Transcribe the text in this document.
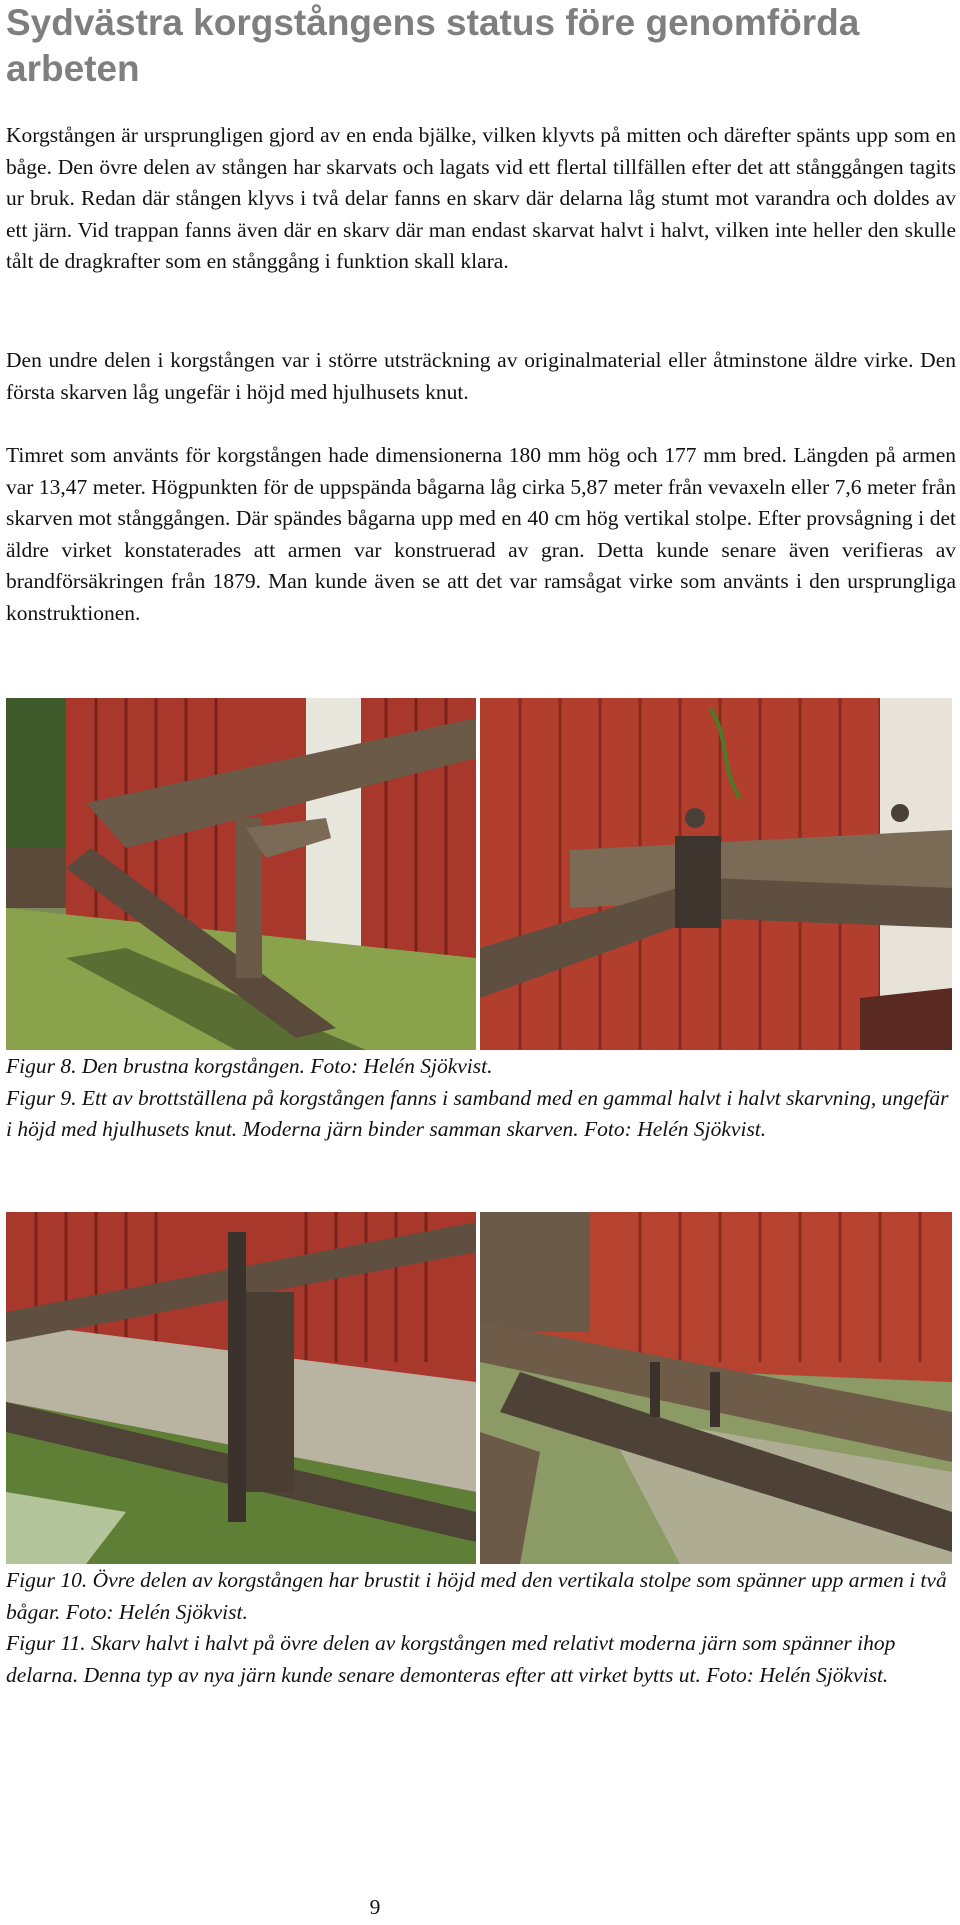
Sydvästra korgstångens status före genomförda arbeten

Korgstången är ursprungligen gjord av en enda bjälke, vilken klyvts på mitten och därefter spänts upp som en båge. Den övre delen av stången har skarvats och lagats vid ett flertal tillfällen efter det att stånggången tagits ur bruk. Redan där stången klyvs i två delar fanns en skarv där delarna låg stumt mot varandra och doldes av ett järn. Vid trappan fanns även där en skarv där man endast skarvat halvt i halvt, vilken inte heller den skulle tålt de dragkrafter som en stånggång i funktion skall klara.

Den undre delen i korgstången var i större utsträckning av originalmaterial eller åtminstone äldre virke. Den första skarven låg ungefär i höjd med hjulhusets knut.

Timret som använts för korgstången hade dimensionerna 180 mm hög och 177 mm bred. Längden på armen var 13,47 meter. Högpunkten för de uppspända bågarna låg cirka 5,87 meter från vevaxeln eller 7,6 meter från skarven mot stånggången. Där spändes bågarna upp med en 40 cm hög vertikal stolpe. Efter provsågning i det äldre virket konstaterades att armen var konstruerad av gran. Detta kunde senare även verifieras av brandförsäkringen från 1879. Man kunde även se att det var ramsågat virke som använts i den ursprungliga konstruktionen.

Figur 8. Den brustna korgstången. Foto: Helén Sjökvist.

Figur 9. Ett av brottställena på korgstången fanns i samband med en gammal halvt i halvt skarvning, ungefär i höjd med hjulhusets knut. Moderna järn binder samman skarven. Foto: Helén Sjökvist.

Figur 10. Övre delen av korgstången har brustit i höjd med den vertikala stolpe som spänner upp armen i två bågar. Foto: Helén Sjökvist.

Figur 11. Skarv halvt i halvt på övre delen av korgstången med relativt moderna järn som spänner ihop delarna. Denna typ av nya järn kunde senare demonteras efter att virket bytts ut. Foto: Helén Sjökvist.

9
